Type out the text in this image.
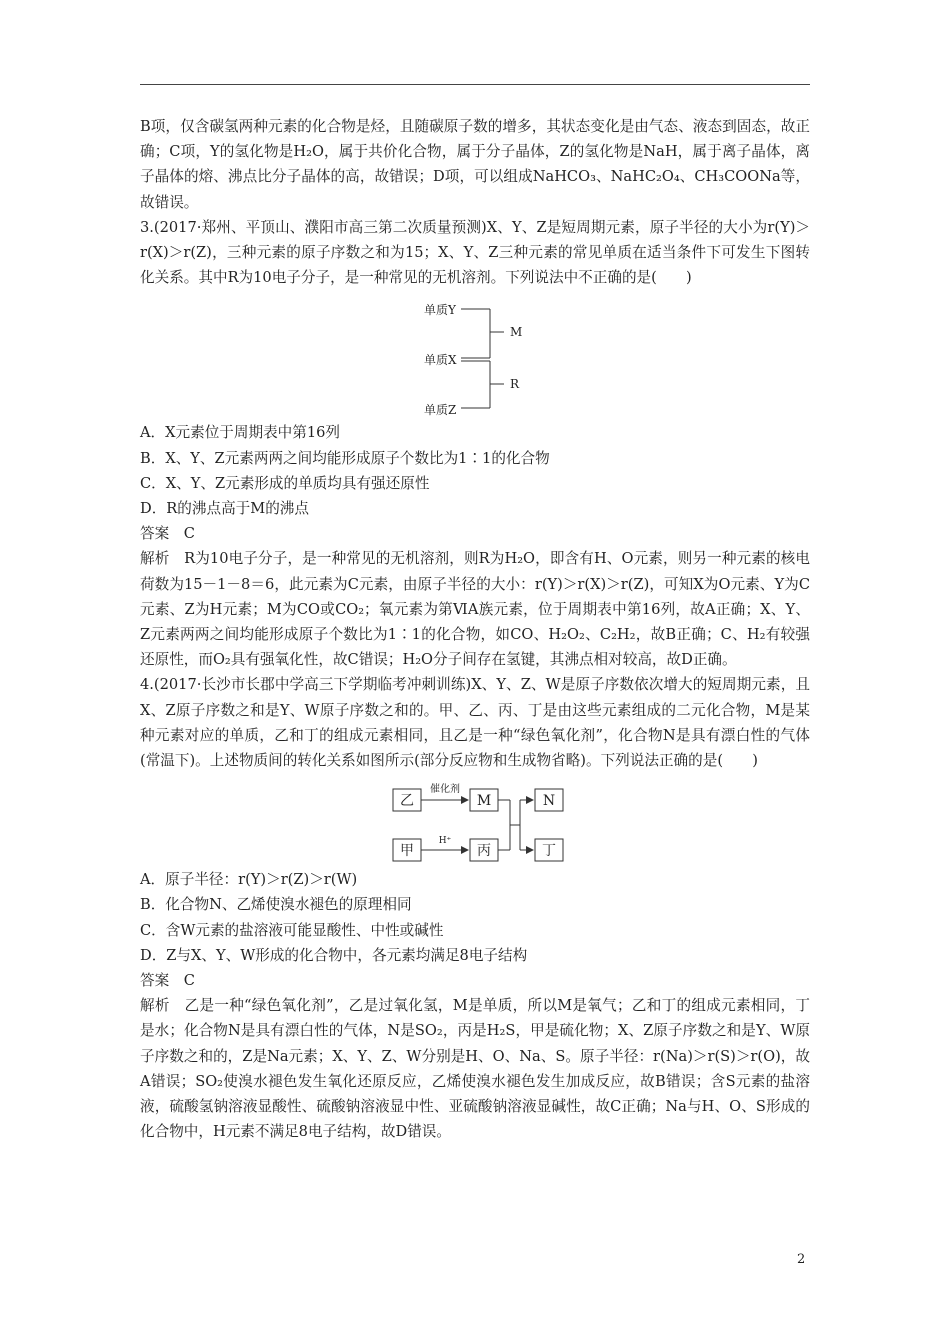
B项，仅含碳氢两种元素的化合物是烃，且随碳原子数的增多，其状态变化是由气态、液态到固态，故正确；C项，Y的氢化物是H₂O，属于共价化合物，属于分子晶体，Z的氢化物是NaH，属于离子晶体，离子晶体的熔、沸点比分子晶体的高，故错误；D项，可以组成NaHCO₃、NaHC₂O₄、CH₃COONa等，故错误。

3.(2017·郑州、平顶山、濮阳市高三第二次质量预测)X、Y、Z是短周期元素，原子半径的大小为r(Y)＞r(X)＞r(Z)，三种元素的原子序数之和为15；X、Y、Z三种元素的常见单质在适当条件下可发生下图转化关系。其中R为10电子分子，是一种常见的无机溶剂。下列说法中不正确的是(　　)

单质Y
单质X
单质Z
M
R

A．X元素位于周期表中第16列

B．X、Y、Z元素两两之间均能形成原子个数比为1∶1的化合物

C．X、Y、Z元素形成的单质均具有强还原性

D．R的沸点高于M的沸点

答案　C

解析　R为10电子分子，是一种常见的无机溶剂，则R为H₂O，即含有H、O元素，则另一种元素的核电荷数为15－1－8＝6，此元素为C元素，由原子半径的大小：r(Y)＞r(X)＞r(Z)，可知X为O元素、Y为C元素、Z为H元素；M为CO或CO₂；氧元素为第ⅥA族元素，位于周期表中第16列，故A正确；X、Y、Z元素两两之间均能形成原子个数比为1∶1的化合物，如CO、H₂O₂、C₂H₂，故B正确；C、H₂有较强还原性，而O₂具有强氧化性，故C错误；H₂O分子间存在氢键，其沸点相对较高，故D正确。

4.(2017·长沙市长郡中学高三下学期临考冲刺训练)X、Y、Z、W是原子序数依次增大的短周期元素，且X、Z原子序数之和是Y、W原子序数之和的。甲、乙、丙、丁是由这些元素组成的二元化合物，M是某种元素对应的单质，乙和丁的组成元素相同，且乙是一种“绿色氧化剂”，化合物N是具有漂白性的气体(常温下)。上述物质间的转化关系如图所示(部分反应物和生成物省略)。下列说法正确的是(　　)

乙
甲
M
丙
N
丁
催化剂
H⁺

A．原子半径：r(Y)＞r(Z)＞r(W)

B．化合物N、乙烯使溴水褪色的原理相同

C．含W元素的盐溶液可能显酸性、中性或碱性

D．Z与X、Y、W形成的化合物中，各元素均满足8电子结构

答案　C

解析　乙是一种“绿色氧化剂”，乙是过氧化氢，M是单质，所以M是氧气；乙和丁的组成元素相同，丁是水；化合物N是具有漂白性的气体，N是SO₂，丙是H₂S，甲是硫化物；X、Z原子序数之和是Y、W原子序数之和的，Z是Na元素；X、Y、Z、W分别是H、O、Na、S。原子半径：r(Na)＞r(S)＞r(O)，故A错误；SO₂使溴水褪色发生氧化还原反应，乙烯使溴水褪色发生加成反应，故B错误；含S元素的盐溶液，硫酸氢钠溶液显酸性、硫酸钠溶液显中性、亚硫酸钠溶液显碱性，故C正确；Na与H、O、S形成的化合物中，H元素不满足8电子结构，故D错误。

2
